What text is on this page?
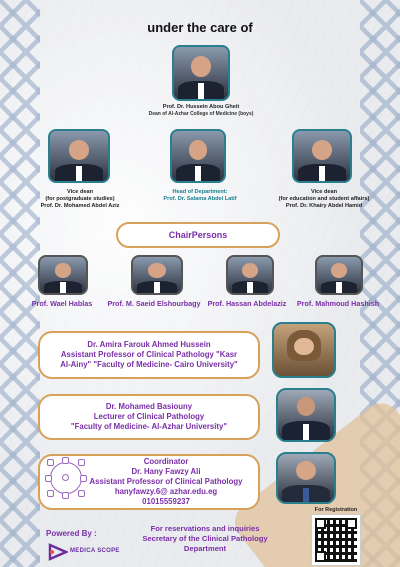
under the care of
Prof. Dr. Hussein Abou Gheit
Dean of Al-Azhar College of Medicine (boys)
Vice dean
(for postgraduate studies)
Prof. Dr. Mohamed Abdel Aziz
Head of Department:
Prof. Dr. Salama Abdel Latif
Vice dean
(for education and student affairs)
Prof. Dr. Khairy Abdel Hamid
ChairPersons
Prof. Wael Hablas Prof. M. Saeid Elshourbagy Prof. Hassan Abdelaziz	Prof. Mahmoud Hashish
Dr. Amira Farouk Ahmed Hussein
Assistant Professor of Clinical Pathology "Kasr
Al-Ainy" "Faculty of Medicine- Cairo University"
Dr. Mohamed Basiouny
Lecturer of Clinical Pathology
"Faculty of Medicine- Al-Azhar University"
Coordinator
Dr. Hany Fawzy Ali
Assistant Professor of Clinical Pathology
hanyfawzy.6@ azhar.edu.eg
01015559237
Powered By :
MEDICA SCOPE
For reservations and inquiries
Secretary of the Clinical Pathology
Department
For Registration
